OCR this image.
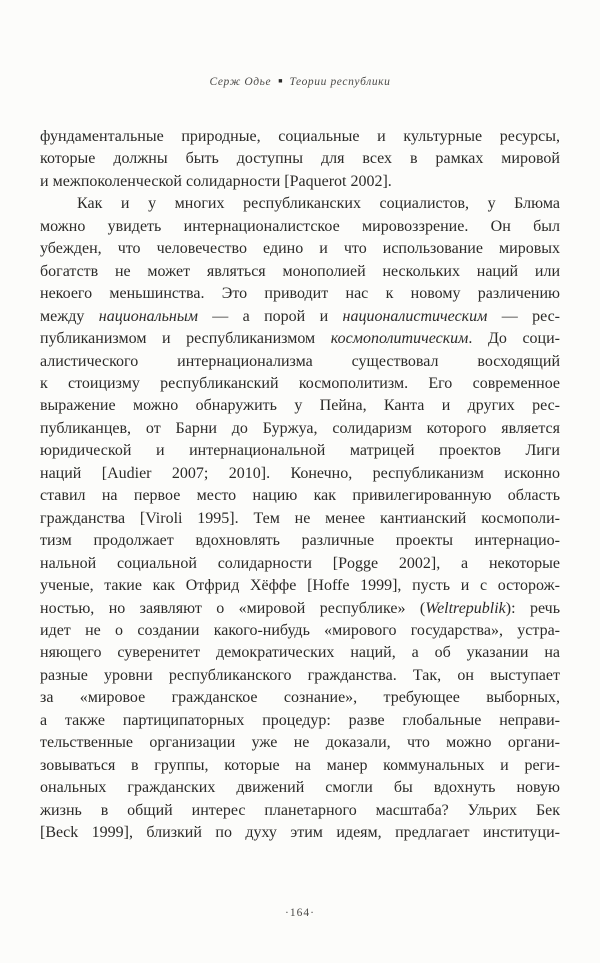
Серж Одье ■ Теории республики
фундаментальные природные, социальные и культурные ресурсы,
которые должны быть доступны для всех в рамках мировой
и межпоколенческой солидарности [Paquerot 2002].
Как и у многих республиканских социалистов, у Блюма
можно увидеть интернационалистское мировоззрение. Он был
убежден, что человечество едино и что использование мировых
богатств не может являться монополией нескольких наций или
некоего меньшинства. Это приводит нас к новому различению
между национальным — а порой и националистическим — рес-
публиканизмом и республиканизмом космополитическим. До соци-
алистического интернационализма существовал восходящий
к стоицизму республиканский космополитизм. Его современное
выражение можно обнаружить у Пейна, Канта и других рес-
публиканцев, от Барни до Буржуа, солидаризм которого является
юридической и интернациональной матрицей проектов Лиги
наций [Audier 2007; 2010]. Конечно, республиканизм исконно
ставил на первое место нацию как привилегированную область
гражданства [Viroli 1995]. Тем не менее кантианский космополи-
тизм продолжает вдохновлять различные проекты интернацио-
нальной социальной солидарности [Pogge 2002], а некоторые
ученые, такие как Отфрид Хёффе [Hoffe 1999], пусть и с осторож-
ностью, но заявляют о «мировой республике» (Weltrepublik): речь
идет не о создании какого-нибудь «мирового государства», устра-
няющего суверенитет демократических наций, а об указании на
разные уровни республиканского гражданства. Так, он выступает
за «мировое гражданское сознание», требующее выборных,
а также партиципаторных процедур: разве глобальные неправи-
тельственные организации уже не доказали, что можно органи-
зовываться в группы, которые на манер коммунальных и реги-
ональных гражданских движений смогли бы вдохнуть новую
жизнь в общий интерес планетарного масштаба? Ульрих Бек
[Beck 1999], близкий по духу этим идеям, предлагает институци-
·164·
